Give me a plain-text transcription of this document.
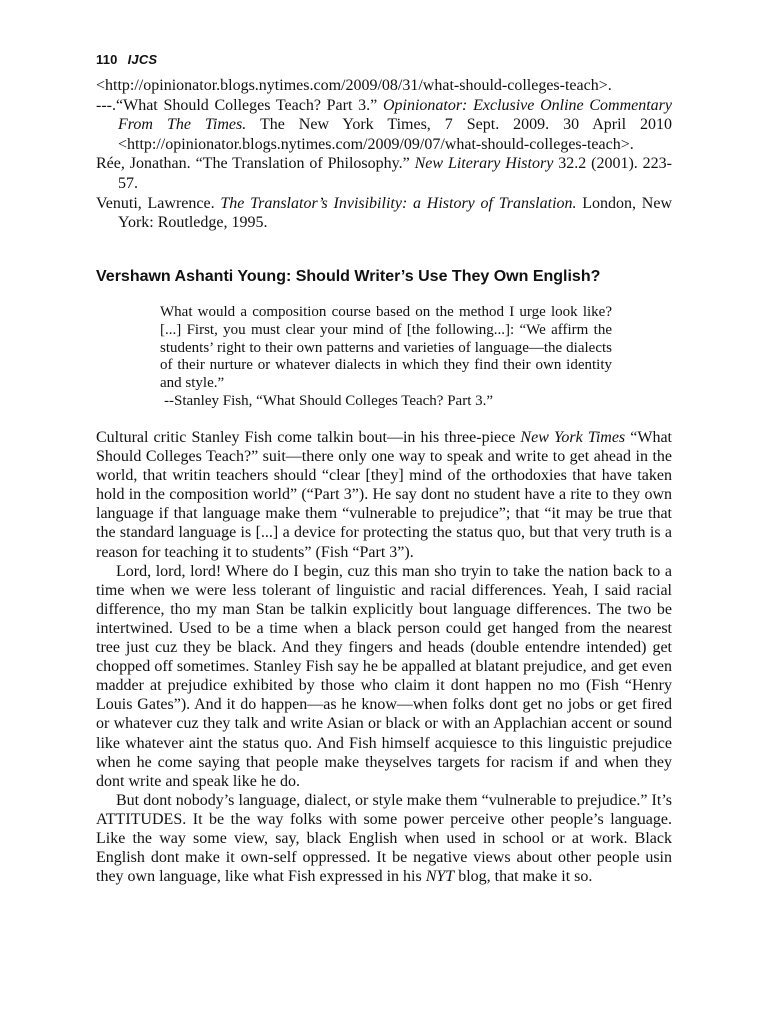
110 IJCS
<http://opinionator.blogs.nytimes.com/2009/08/31/what-should-colleges-teach>.
---.“What Should Colleges Teach? Part 3.” Opinionator: Exclusive Online Commentary From The Times. The New York Times, 7 Sept. 2009. 30 April 2010 <http://opinionator.blogs.nytimes.com/2009/09/07/what-should-colleges-teach>.
Rée, Jonathan. “The Translation of Philosophy.” New Literary History 32.2 (2001). 223-57.
Venuti, Lawrence. The Translator’s Invisibility: a History of Translation. London, New York: Routledge, 1995.
Vershawn Ashanti Young: Should Writer’s Use They Own English?
What would a composition course based on the method I urge look like? [...] First, you must clear your mind of [the following...]: “We affirm the students’ right to their own patterns and varieties of language—the dialects of their nurture or whatever dialects in which they find their own identity and style.”
--Stanley Fish, “What Should Colleges Teach? Part 3.”

Cultural critic Stanley Fish come talkin bout—in his three-piece New York Times “What Should Colleges Teach?” suit—there only one way to speak and write to get ahead in the world, that writin teachers should “clear [they] mind of the orthodoxies that have taken hold in the composition world” (“Part 3”). He say dont no student have a rite to they own language if that language make them “vulnerable to prejudice”; that “it may be true that the standard language is [...] a device for protecting the status quo, but that very truth is a reason for teaching it to students” (Fish “Part 3”).

Lord, lord, lord! Where do I begin, cuz this man sho tryin to take the nation back to a time when we were less tolerant of linguistic and racial differences. Yeah, I said racial difference, tho my man Stan be talkin explicitly bout language differences. The two be intertwined. Used to be a time when a black person could get hanged from the nearest tree just cuz they be black. And they fingers and heads (double entendre intended) get chopped off sometimes. Stanley Fish say he be appalled at blatant prejudice, and get even madder at prejudice exhibited by those who claim it dont happen no mo (Fish “Henry Louis Gates”). And it do happen—as he know—when folks dont get no jobs or get fired or whatever cuz they talk and write Asian or black or with an Applachian accent or sound like whatever aint the status quo. And Fish himself acquiesce to this linguistic prejudice when he come saying that people make theyselves targets for racism if and when they dont write and speak like he do.

But dont nobody’s language, dialect, or style make them “vulnerable to prejudice.” It’s ATTITUDES. It be the way folks with some power perceive other people’s language. Like the way some view, say, black English when used in school or at work. Black English dont make it own-self oppressed. It be negative views about other people usin they own language, like what Fish expressed in his NYT blog, that make it so.
